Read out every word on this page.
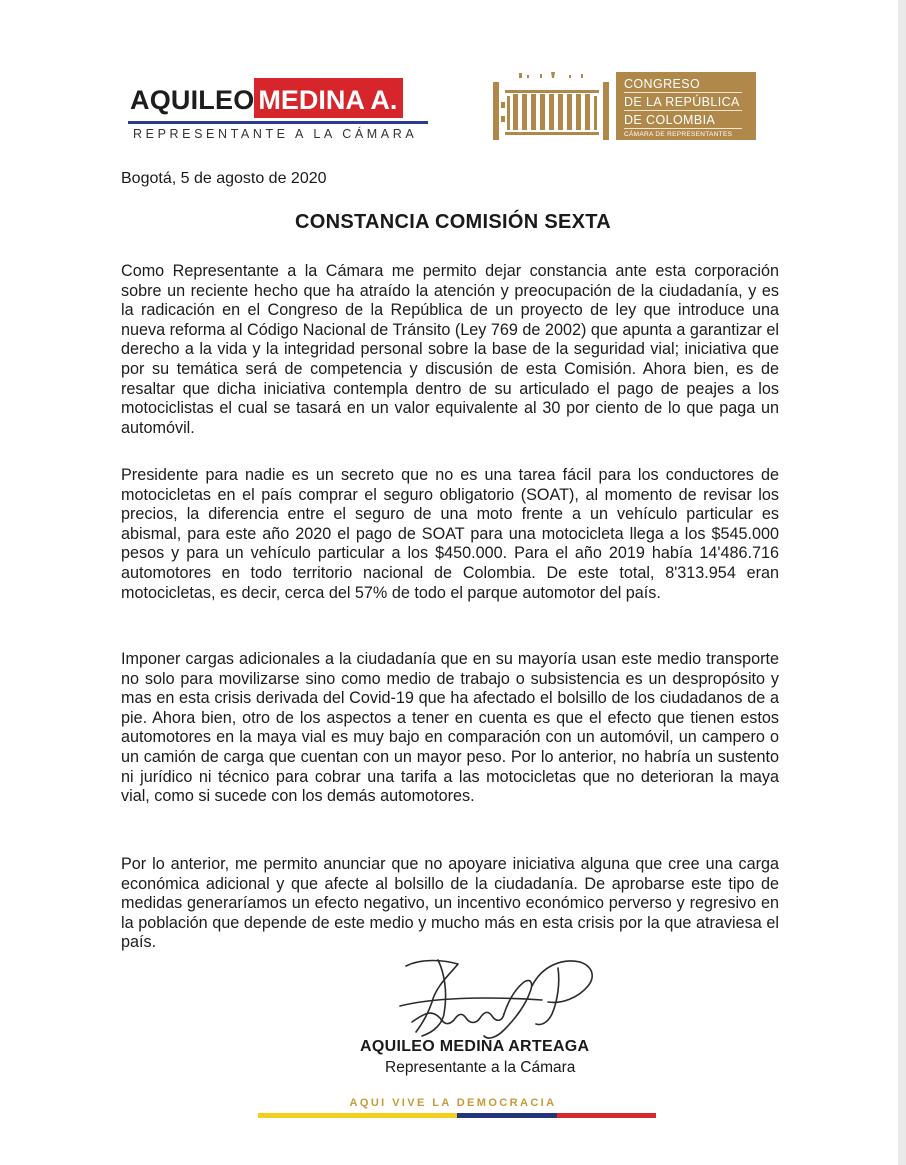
AQUILEO MEDINA A.
REPRESENTANTE A LA CÁMARA
CONGRESO
DE LA REPÚBLICA
DE COLOMBIA
CÁMARA DE REPRESENTANTES
Bogotá, 5 de agosto de 2020
CONSTANCIA COMISIÓN SEXTA
Como Representante a la Cámara me permito dejar constancia ante esta corporación sobre un reciente hecho que ha atraído la atención y preocupación de la ciudadanía, y es la radicación en el Congreso de la República de un proyecto de ley que introduce una nueva reforma al Código Nacional de Tránsito (Ley 769 de 2002) que apunta a garantizar el derecho a la vida y la integridad personal sobre la base de la seguridad vial; iniciativa que por su temática será de competencia y discusión de esta Comisión. Ahora bien, es de resaltar que dicha iniciativa contempla dentro de su articulado el pago de peajes a los motociclistas el cual se tasará en un valor equivalente al 30 por ciento de lo que paga un automóvil.
Presidente para nadie es un secreto que no es una tarea fácil para los conductores de motocicletas en el país comprar el seguro obligatorio (SOAT), al momento de revisar los precios, la diferencia entre el seguro de una moto frente a un vehículo particular es abismal, para este año 2020 el pago de SOAT para una motocicleta llega a los $545.000 pesos y para un vehículo particular a los $450.000. Para el año 2019 había 14'486.716 automotores en todo territorio nacional de Colombia. De este total, 8'313.954 eran motocicletas, es decir, cerca del 57% de todo el parque automotor del país.
Imponer cargas adicionales a la ciudadanía que en su mayoría usan este medio transporte no solo para movilizarse sino como medio de trabajo o subsistencia es un despropósito y mas en esta crisis derivada del Covid-19 que ha afectado el bolsillo de los ciudadanos de a pie. Ahora bien, otro de los aspectos a tener en cuenta es que el efecto que tienen estos automotores en la maya vial es muy bajo en comparación con un automóvil, un campero o un camión de carga que cuentan con un mayor peso. Por lo anterior, no habría un sustento ni jurídico ni técnico para cobrar una tarifa a las motocicletas que no deterioran la maya vial, como si sucede con los demás automotores.
Por lo anterior, me permito anunciar que no apoyare iniciativa alguna que cree una carga económica adicional y que afecte al bolsillo de la ciudadanía. De aprobarse este tipo de medidas generaríamos un efecto negativo, un incentivo económico perverso y regresivo en la población que depende de este medio y mucho más en esta crisis por la que atraviesa el país.
AQUILEO MEDINA ARTEAGA
Representante a la Cámara
AQUI VIVE LA DEMOCRACIA
